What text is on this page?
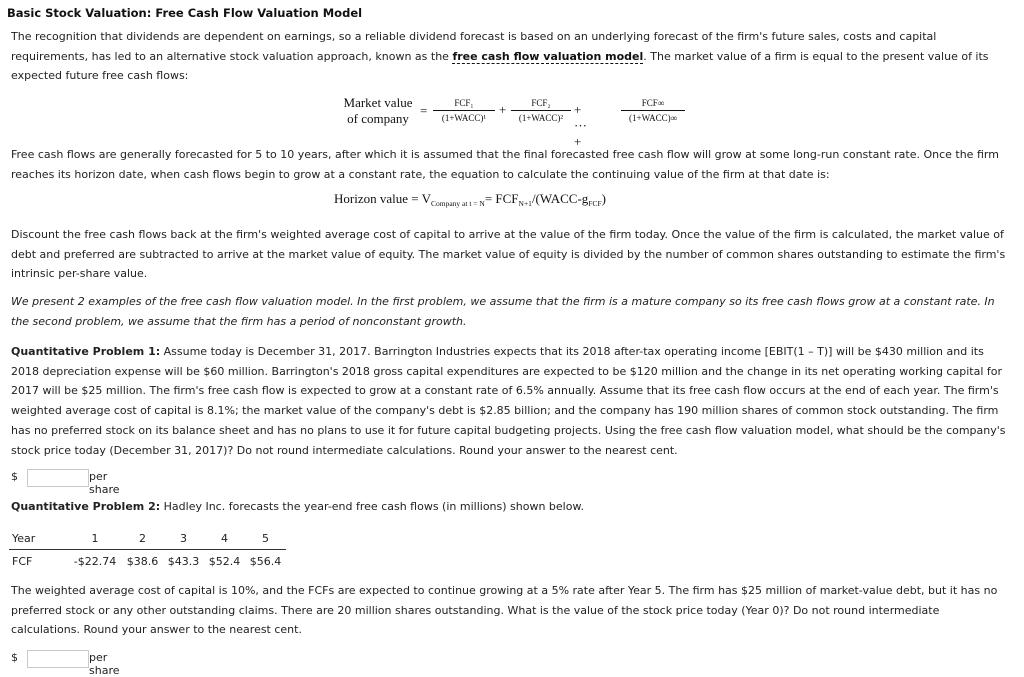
Basic Stock Valuation: Free Cash Flow Valuation Model
The recognition that dividends are dependent on earnings, so a reliable dividend forecast is based on an underlying forecast of the firm's future sales, costs and capital requirements, has led to an alternative stock valuation approach, known as the free cash flow valuation model. The market value of a firm is equal to the present value of its expected future free cash flows:
Market value
of company
=	FCF₁
(1+WACC)¹
+	FCF₂
(1+WACC)²
+ ··· +
FCF∞
(1+WACC)∞
Free cash flows are generally forecasted for 5 to 10 years, after which it is assumed that the final forecasted free cash flow will grow at some long-run constant rate. Once the firm reaches its horizon date, when cash flows begin to grow at a constant rate, the equation to calculate the continuing value of the firm at that date is:
Horizon value = $V_{Company at t = N}=$ $FCF_{N+1}/(WACC-g_{FCF})$
Discount the free cash flows back at the firm's weighted average cost of capital to arrive at the value of the firm today. Once the value of the firm is calculated, the market value of debt and preferred are subtracted to arrive at the market value of equity. The market value of equity is divided by the number of common shares outstanding to estimate the firm's intrinsic per-share value.
We present 2 examples of the free cash flow valuation model. In the first problem, we assume that the firm is a mature company so its free cash flows grow at a constant rate. In the second problem, we assume that the firm has a period of nonconstant growth.
Quantitative Problem 1: Assume today is December 31, 2017. Barrington Industries expects that its 2018 after-tax operating income [EBIT(1 – T)] will be $430 million and its 2018 depreciation expense will be $60 million. Barrington's 2018 gross capital expenditures are expected to be $120 million and the change in its net operating working capital for 2017 will be $25 million. The firm's free cash flow is expected to grow at a constant rate of 6.5% annually. Assume that its free cash flow occurs at the end of each year. The firm's weighted average cost of capital is 8.1%; the market value of the company's debt is $2.85 billion; and the company has 190 million shares of common stock outstanding. The firm has no preferred stock on its balance sheet and has no plans to use it for future capital budgeting projects. Using the free cash flow valuation model, what should be the company's stock price today (December 31, 2017)? Do not round intermediate calculations. Round your answer to the nearest cent.
$	per share
Quantitative Problem 2: Hadley Inc. forecasts the year-end free cash flows (in millions) shown below.
Year	1	2	3	4	5
FCF	-$22.74	$38.6	$43.3	$52.4	$56.4
The weighted average cost of capital is 10%, and the FCFs are expected to continue growing at a 5% rate after Year 5. The firm has $25 million of market-value debt, but it has no preferred stock or any other outstanding claims. There are 20 million shares outstanding. What is the value of the stock price today (Year 0)? Do not round intermediate calculations. Round your answer to the nearest cent.
$	per share
